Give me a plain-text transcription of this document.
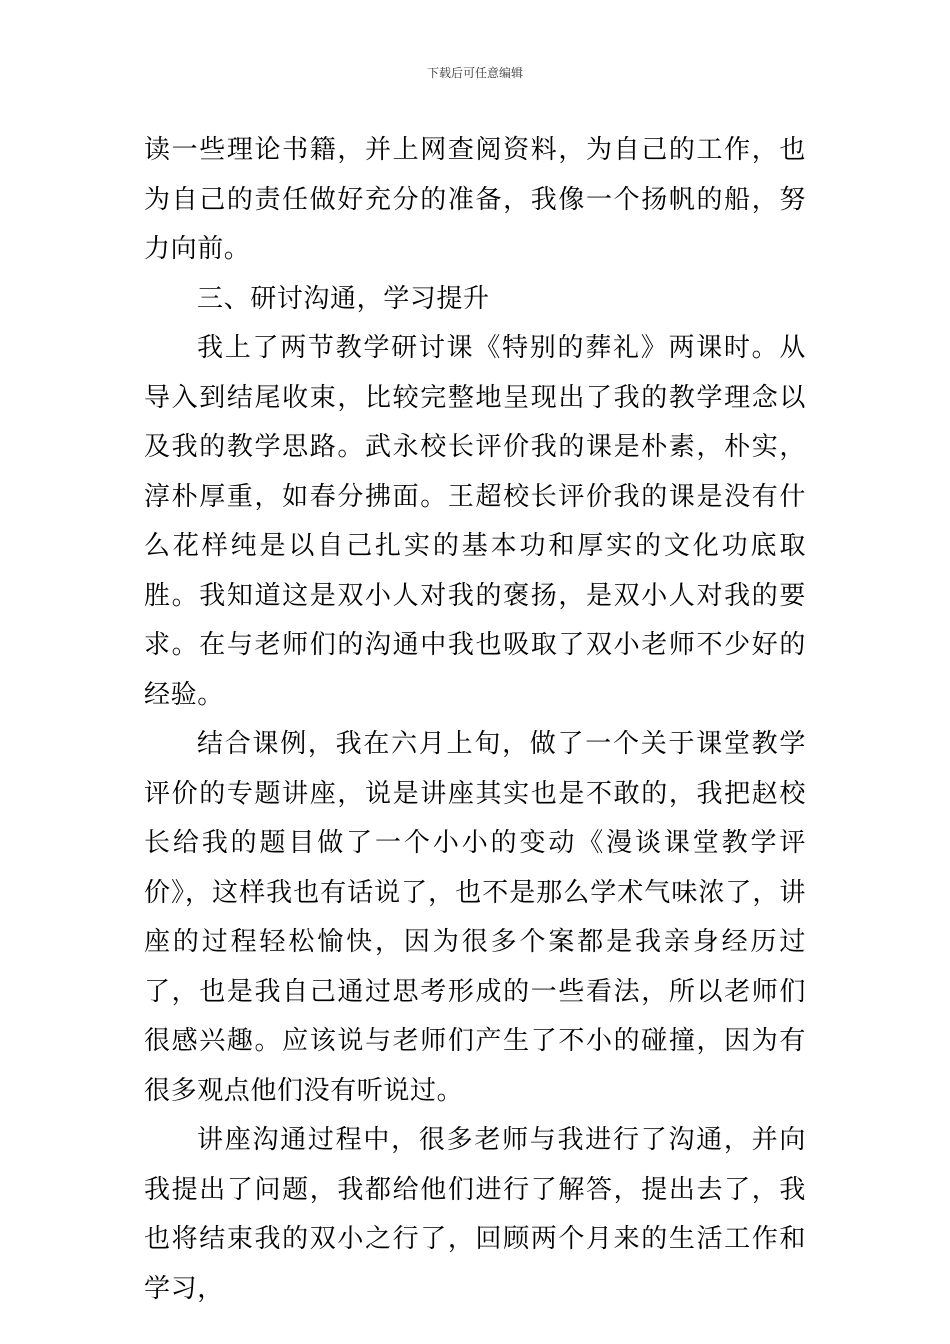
下载后可任意编辑

读一些理论书籍，并上网查阅资料，为自己的工作，也为自己的责任做好充分的准备，我像一个扬帆的船，努力向前。

三、研讨沟通，学习提升

我上了两节教学研讨课《特别的葬礼》两课时。从导入到结尾收束，比较完整地呈现出了我的教学理念以及我的教学思路。武永校长评价我的课是朴素，朴实，淳朴厚重，如春分拂面。王超校长评价我的课是没有什么花样纯是以自己扎实的基本功和厚实的文化功底取胜。我知道这是双小人对我的褒扬，是双小人对我的要求。在与老师们的沟通中我也吸取了双小老师不少好的经验。

结合课例，我在六月上旬，做了一个关于课堂教学评价的专题讲座，说是讲座其实也是不敢的，我把赵校长给我的题目做了一个小小的变动《漫谈课堂教学评价》，这样我也有话说了，也不是那么学术气味浓了，讲座的过程轻松愉快，因为很多个案都是我亲身经历过了，也是我自己通过思考形成的一些看法，所以老师们很感兴趣。应该说与老师们产生了不小的碰撞，因为有很多观点他们没有听说过。

讲座沟通过程中，很多老师与我进行了沟通，并向我提出了问题，我都给他们进行了解答，提出去了，我也将结束我的双小之行了，回顾两个月来的生活工作和学习，
